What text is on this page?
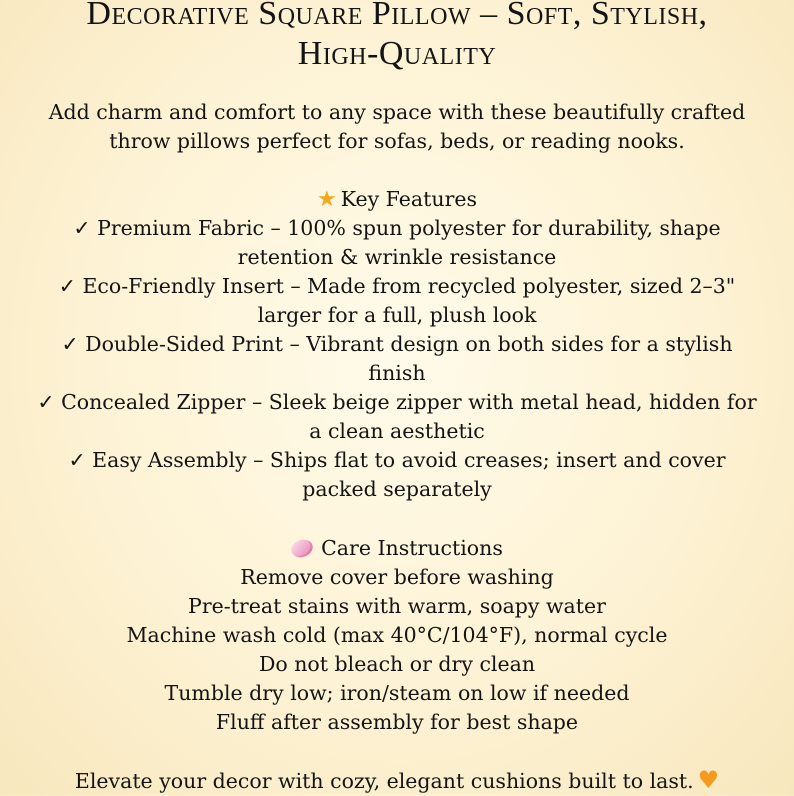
Decorative Square Pillow – Soft, Stylish,
High-Quality

Add charm and comfort to any space with these beautifully crafted
throw pillows perfect for sofas, beds, or reading nooks.

★ Key Features
✓ Premium Fabric – 100% spun polyester for durability, shape
retention & wrinkle resistance
✓ Eco-Friendly Insert – Made from recycled polyester, sized 2–3"
larger for a full, plush look
✓ Double-Sided Print – Vibrant design on both sides for a stylish
finish
✓ Concealed Zipper – Sleek beige zipper with metal head, hidden for
a clean aesthetic
✓ Easy Assembly – Ships flat to avoid creases; insert and cover
packed separately
Care Instructions
Remove cover before washing
Pre-treat stains with warm, soapy water
Machine wash cold (max 40°C/104°F), normal cycle
Do not bleach or dry clean
Tumble dry low; iron/steam on low if needed
Fluff after assembly for best shape

Elevate your decor with cozy, elegant cushions built to last. ♥
